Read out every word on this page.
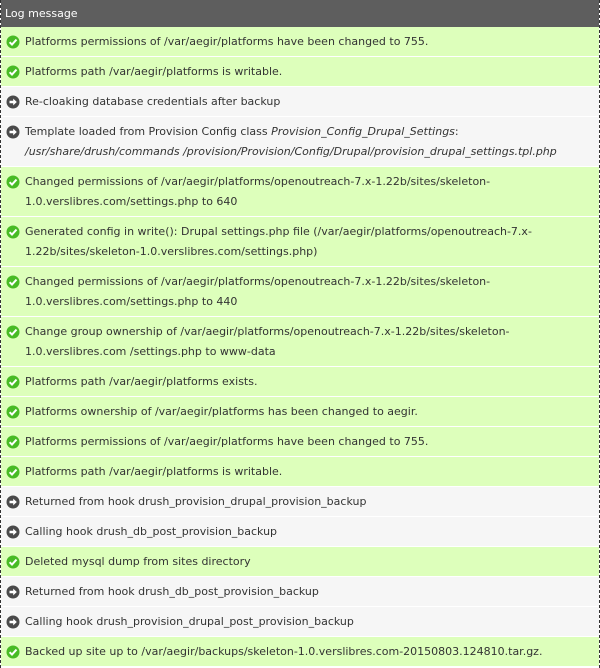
Log message
Platforms permissions of /var/aegir/platforms have been changed to 755.
Platforms path /var/aegir/platforms is writable.
Re-cloaking database credentials after backup
Template loaded from Provision Config class Provision_Config_Drupal_Settings: /usr/share/drush/commands /provision/Provision/Config/Drupal/provision_drupal_settings.tpl.php
Changed permissions of /var/aegir/platforms/openoutreach-7.x-1.22b/sites/skeleton-1.0.verslibres.com/settings.php to 640
Generated config in write(): Drupal settings.php file (/var/aegir/platforms/openoutreach-7.x-1.22b/sites/skeleton-1.0.verslibres.com/settings.php)
Changed permissions of /var/aegir/platforms/openoutreach-7.x-1.22b/sites/skeleton-1.0.verslibres.com/settings.php to 440
Change group ownership of /var/aegir/platforms/openoutreach-7.x-1.22b/sites/skeleton-1.0.verslibres.com /settings.php to www-data
Platforms path /var/aegir/platforms exists.
Platforms ownership of /var/aegir/platforms has been changed to aegir.
Platforms permissions of /var/aegir/platforms have been changed to 755.
Platforms path /var/aegir/platforms is writable.
Returned from hook drush_provision_drupal_provision_backup
Calling hook drush_db_post_provision_backup
Deleted mysql dump from sites directory
Returned from hook drush_db_post_provision_backup
Calling hook drush_provision_drupal_post_provision_backup
Backed up site up to /var/aegir/backups/skeleton-1.0.verslibres.com-20150803.124810.tar.gz.
